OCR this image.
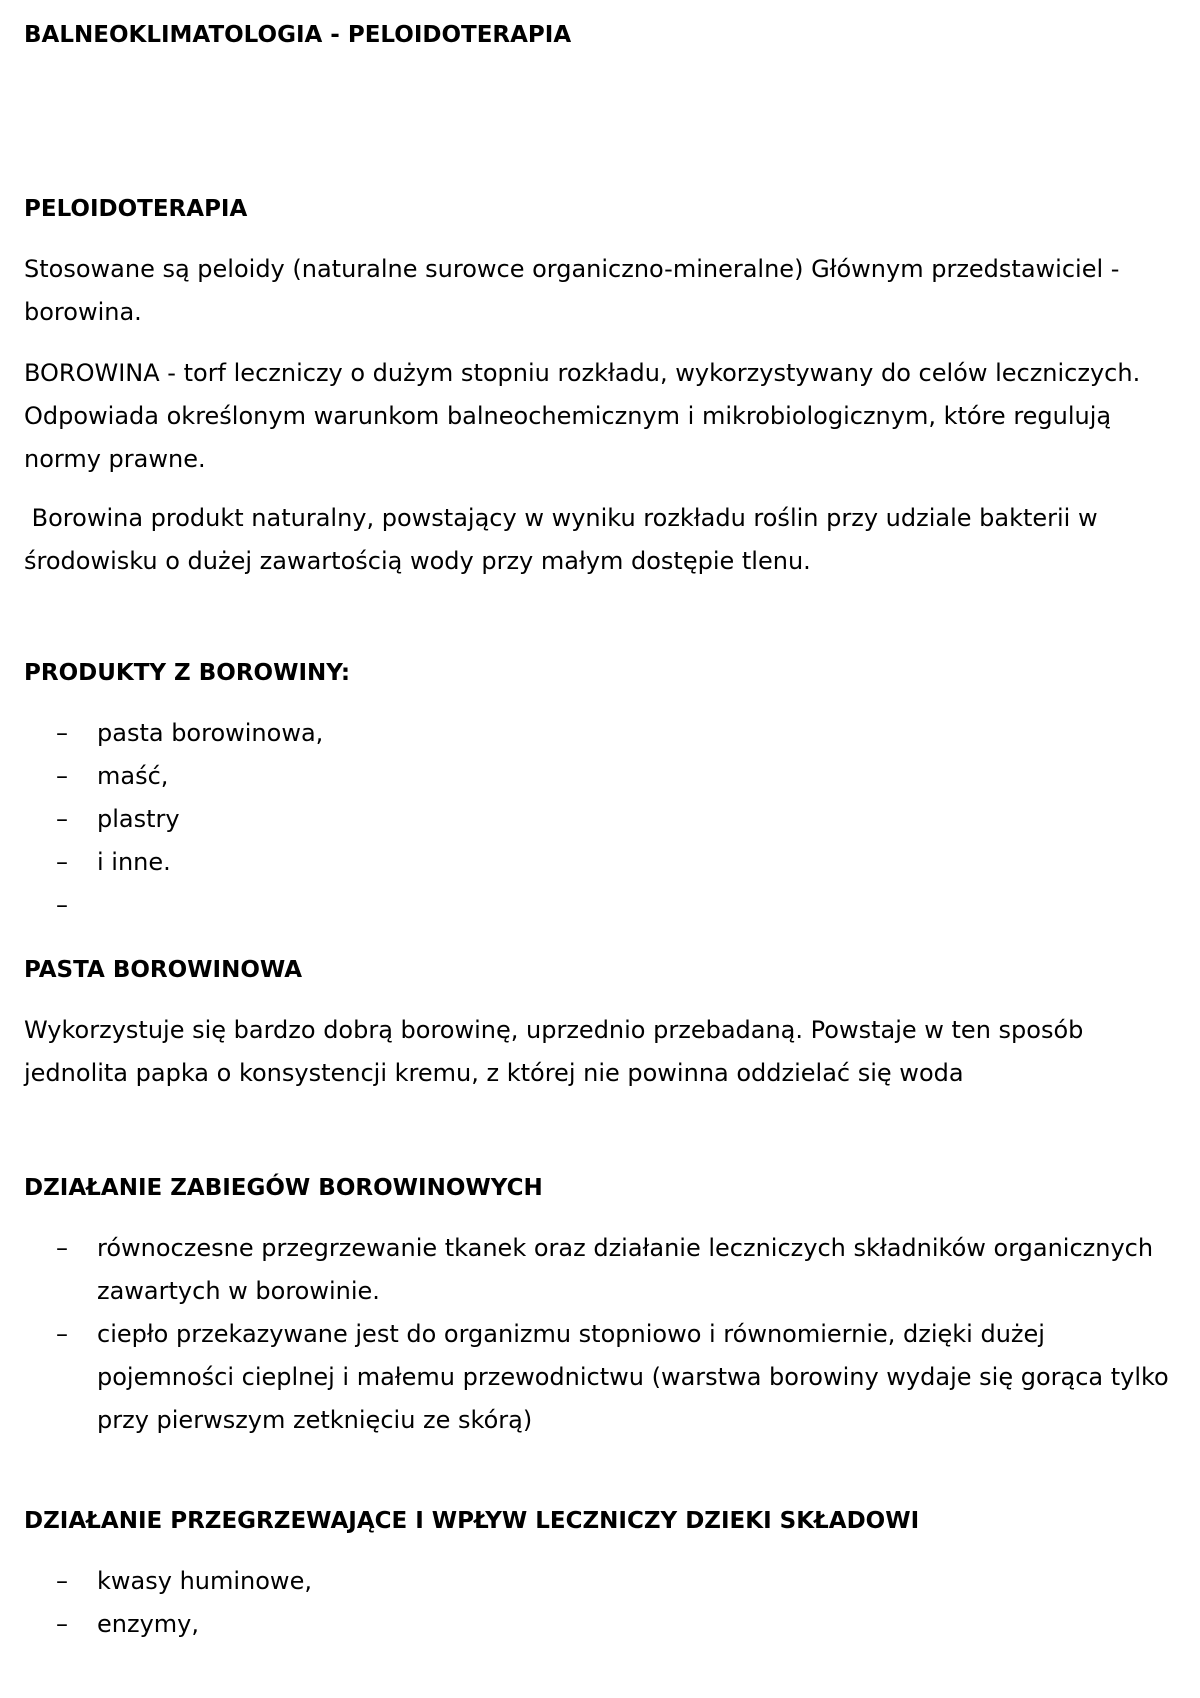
BALNEOKLIMATOLOGIA - PELOIDOTERAPIA
PELOIDOTERAPIA

Stosowane są peloidy (naturalne surowce organiczno-mineralne) Głównym przedstawiciel - borowina.

BOROWINA - torf leczniczy o dużym stopniu rozkładu, wykorzystywany do celów leczniczych. Odpowiada określonym warunkom balneochemicznym i mikrobiologicznym, które regulują normy prawne.

Borowina produkt naturalny, powstający w wyniku rozkładu roślin przy udziale bakterii w środowisku o dużej zawartością wody przy małym dostępie tlenu.

PRODUKTY Z BOROWINY:
– pasta borowinowa,
– maść,
– plastry
– i inne.
–

PASTA BOROWINOWA

Wykorzystuje się bardzo dobrą borowinę, uprzednio przebadaną. Powstaje w ten sposób jednolita papka o konsystencji kremu, z której nie powinna oddzielać się woda

DZIAŁANIE ZABIEGÓW BOROWINOWYCH
– równoczesne przegrzewanie tkanek oraz działanie leczniczych składników organicznych zawartych w borowinie.
– ciepło przekazywane jest do organizmu stopniowo i równomiernie, dzięki dużej pojemności cieplnej i małemu przewodnictwu (warstwa borowiny wydaje się gorąca tylko przy pierwszym zetknięciu ze skórą)
DZIAŁANIE PRZEGRZEWAJĄCE I WPŁYW LECZNICZY DZIEKI SKŁADOWI
– kwasy huminowe,
– enzymy,
